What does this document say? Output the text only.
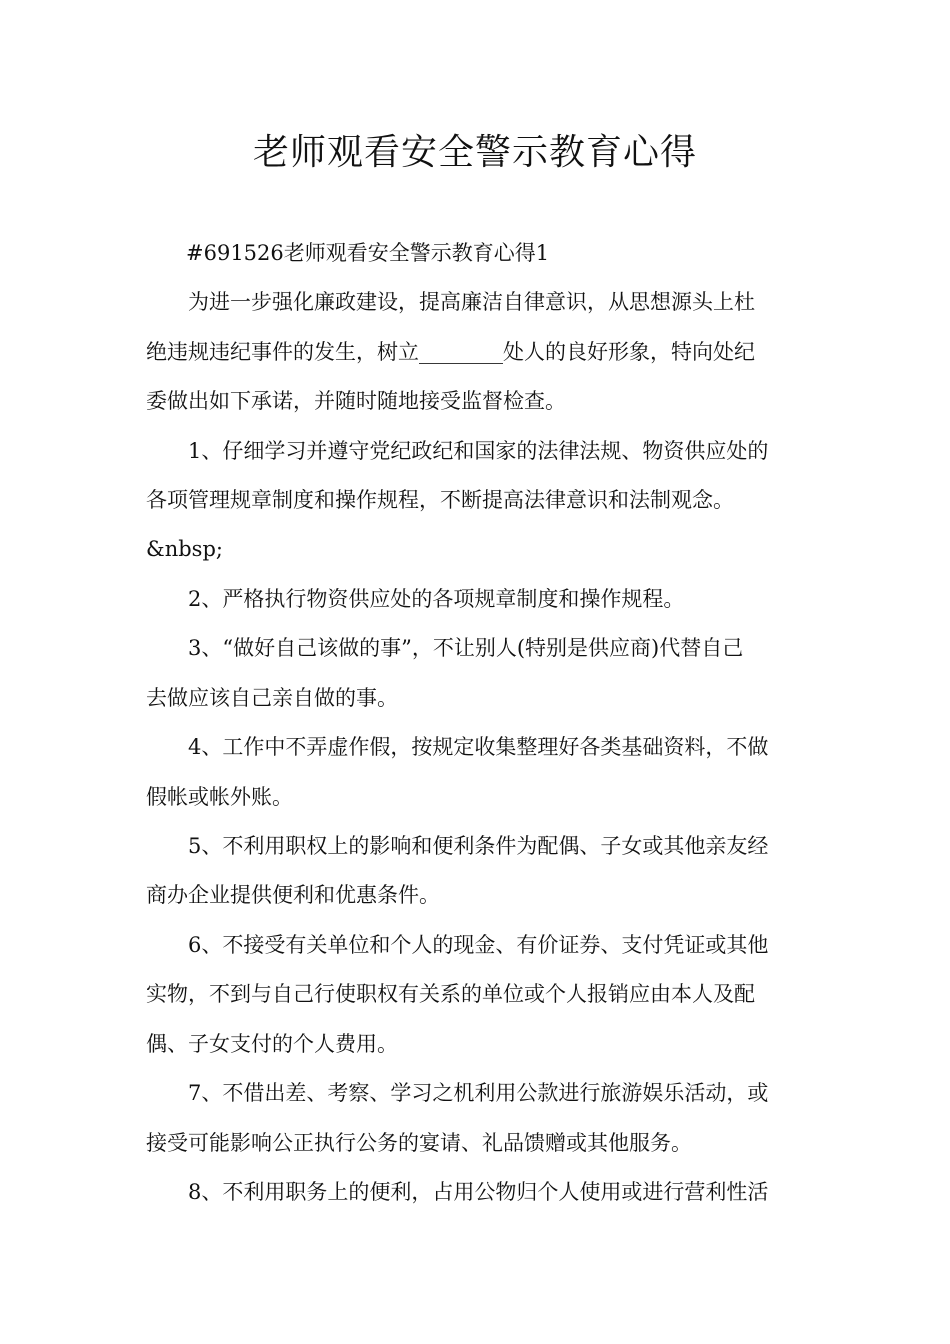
老师观看安全警示教育心得
#691526老师观看安全警示教育心得1
为进一步强化廉政建设，提高廉洁自律意识，从思想源头上杜
绝违规违纪事件的发生，树立________处人的良好形象，特向处纪
委做出如下承诺，并随时随地接受监督检查。
1、仔细学习并遵守党纪政纪和国家的法律法规、物资供应处的
各项管理规章制度和操作规程，不断提高法律意识和法制观念。
&nbsp;
2、严格执行物资供应处的各项规章制度和操作规程。
3、“做好自己该做的事”，不让别人(特别是供应商)代替自己
去做应该自己亲自做的事。
4、工作中不弄虚作假，按规定收集整理好各类基础资料，不做
假帐或帐外账。
5、不利用职权上的影响和便利条件为配偶、子女或其他亲友经
商办企业提供便利和优惠条件。
6、不接受有关单位和个人的现金、有价证券、支付凭证或其他
实物，不到与自己行使职权有关系的单位或个人报销应由本人及配
偶、子女支付的个人费用。
7、不借出差、考察、学习之机利用公款进行旅游娱乐活动，或
接受可能影响公正执行公务的宴请、礼品馈赠或其他服务。
8、不利用职务上的便利，占用公物归个人使用或进行营利性活
